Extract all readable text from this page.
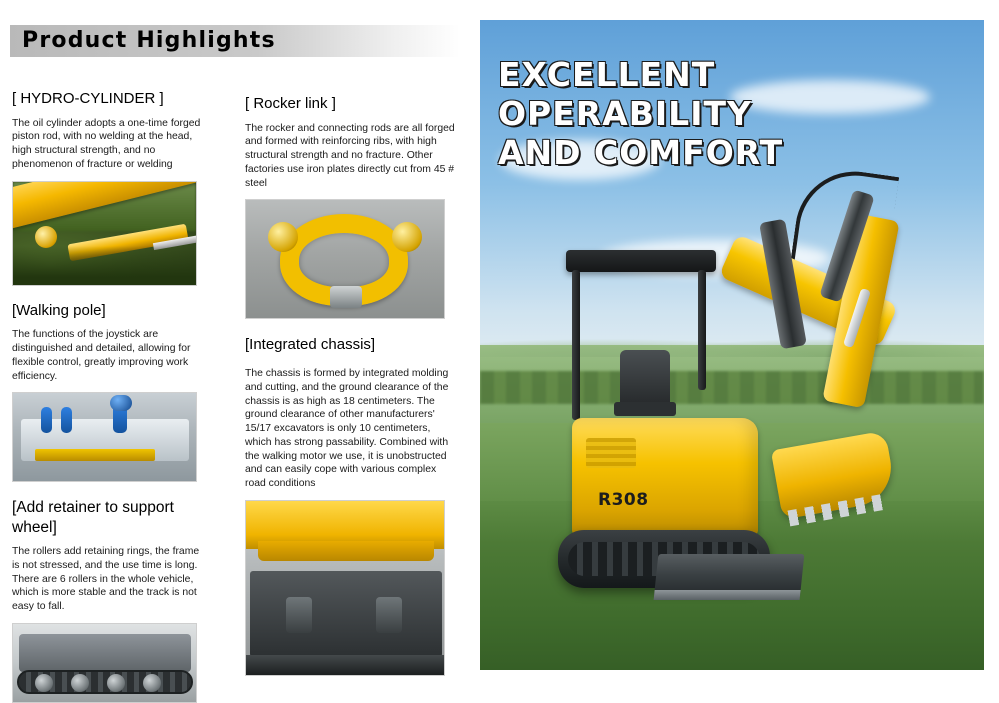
Product Highlights
[ HYDRO-CYLINDER ]

The oil cylinder adopts a one-time forged piston rod, with no welding at the head, high structural strength, and no phenomenon of fracture or welding

[Walking pole]

The functions of the joystick are distinguished and detailed, allowing for flexible control, greatly improving work efficiency.

[Add retainer to support wheel]

The rollers add retaining rings, the frame is not stressed, and the use time is long. There are 6 rollers in the whole vehicle, which is more stable and the track is not easy to fall.

[ Rocker link ]

The rocker and connecting rods are all forged and formed with reinforcing ribs, with high structural strength and no fracture. Other factories use iron plates directly cut from 45 # steel

[Integrated chassis]

The chassis is formed by integrated molding and cutting, and the ground clearance of the chassis is as high as 18 centimeters. The ground clearance of other manufacturers' 15/17 excavators is only 10 centimeters, which has strong passability. Combined with the walking motor we use, it is unobstructed and can easily cope with various complex road conditions

R308
EXCELLENT OPERABILITY
AND COMFORT
